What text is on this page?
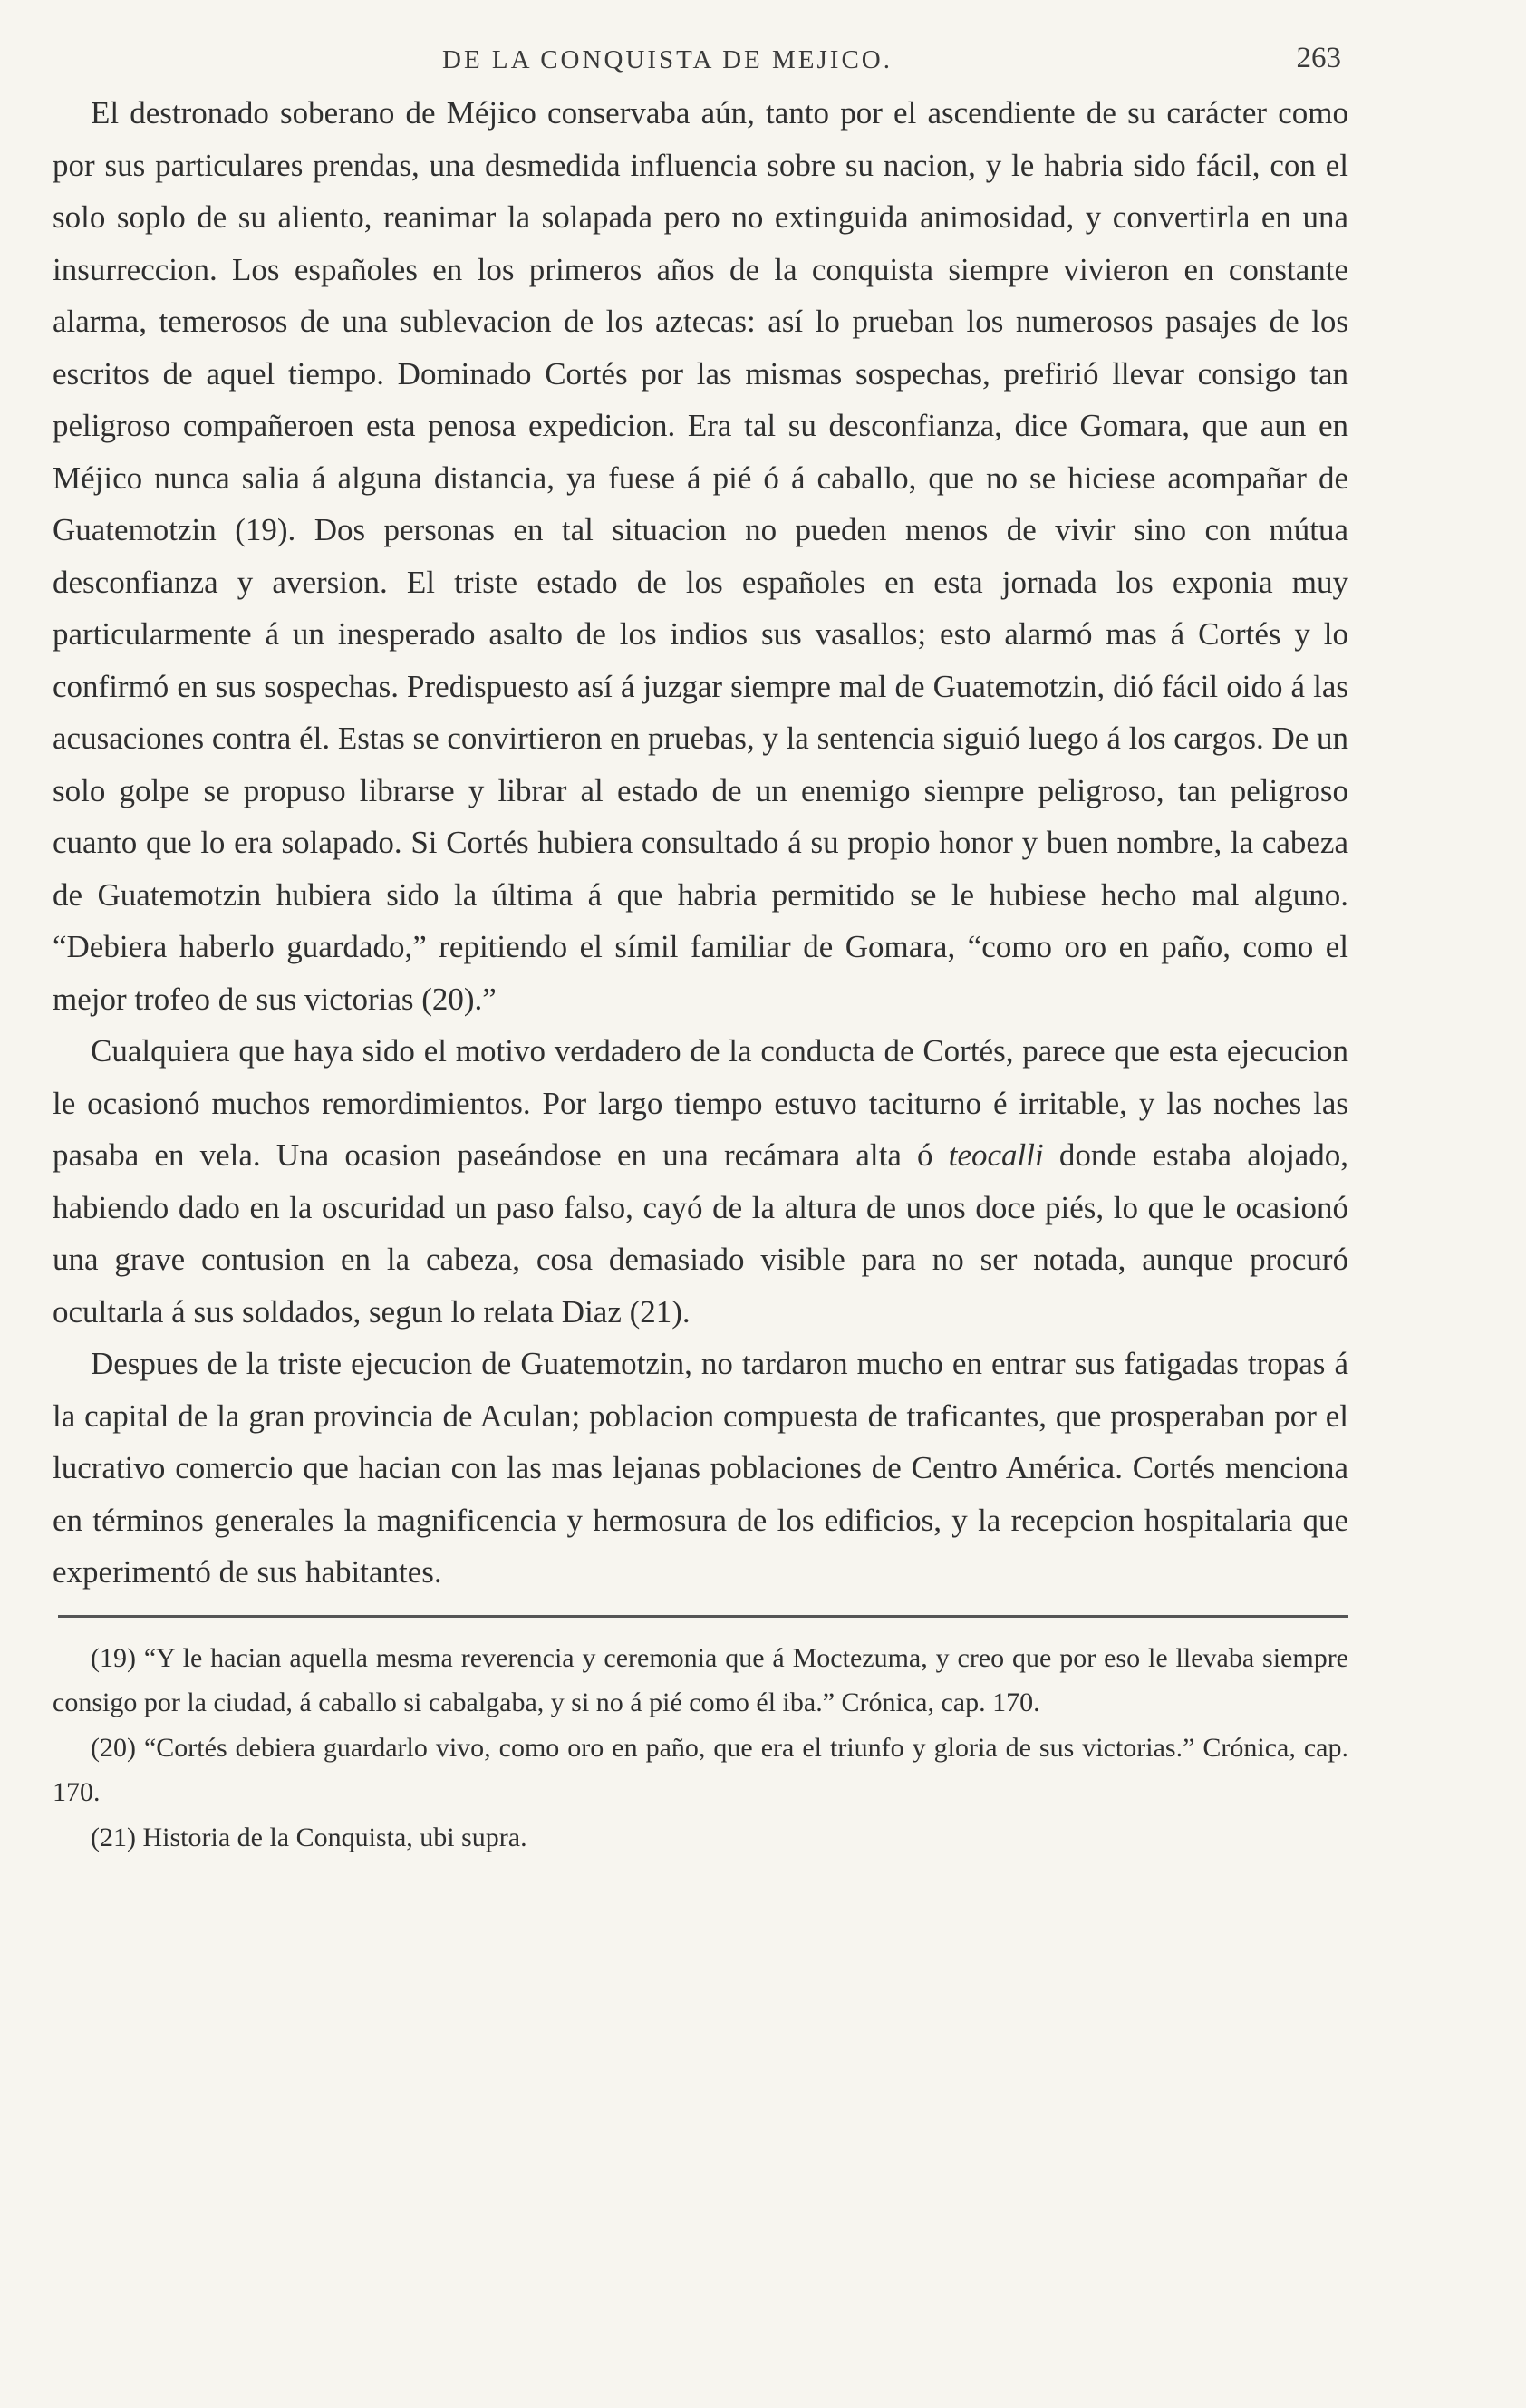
DE LA CONQUISTA DE MEJICO.	263

El destronado soberano de Méjico conservaba aún, tanto por el ascendiente de su carácter como por sus particulares prendas, una desmedida influencia sobre su nacion, y le habria sido fácil, con el solo soplo de su aliento, reanimar la solapada pero no extinguida animosidad, y convertirla en una insurreccion. Los españoles en los primeros años de la conquista siempre vivieron en constante alarma, temerosos de una sublevacion de los aztecas: así lo prueban los numerosos pasajes de los escritos de aquel tiempo. Dominado Cortés por las mismas sospechas, prefirió llevar consigo tan peligroso compañeroen esta penosa expedicion. Era tal su desconfianza, dice Gomara, que aun en Méjico nunca salia á alguna distancia, ya fuese á pié ó á caballo, que no se hiciese acompañar de Guatemotzin (19). Dos personas en tal situacion no pueden menos de vivir sino con mútua desconfianza y aversion. El triste estado de los españoles en esta jornada los exponia muy particularmente á un inesperado asalto de los indios sus vasallos; esto alarmó mas á Cortés y lo confirmó en sus sospechas. Predispuesto así á juzgar siempre mal de Guatemotzin, dió fácil oido á las acusaciones contra él. Estas se convirtieron en pruebas, y la sentencia siguió luego á los cargos. De un solo golpe se propuso librarse y librar al estado de un enemigo siempre peligroso, tan peligroso cuanto que lo era solapado. Si Cortés hubiera consultado á su propio honor y buen nombre, la cabeza de Guatemotzin hubiera sido la última á que habria permitido se le hubiese hecho mal alguno. “Debiera haberlo guardado,” repitiendo el símil familiar de Gomara, “como oro en paño, como el mejor trofeo de sus victorias (20).”

Cualquiera que haya sido el motivo verdadero de la conducta de Cortés, parece que esta ejecucion le ocasionó muchos remordimientos. Por largo tiempo estuvo taciturno é irritable, y las noches las pasaba en vela. Una ocasion paseándose en una recámara alta ó teocalli donde estaba alojado, habiendo dado en la oscuridad un paso falso, cayó de la altura de unos doce piés, lo que le ocasionó una grave contusion en la cabeza, cosa demasiado visible para no ser notada, aunque procuró ocultarla á sus soldados, segun lo relata Diaz (21).

Despues de la triste ejecucion de Guatemotzin, no tardaron mucho en entrar sus fatigadas tropas á la capital de la gran provincia de Aculan; poblacion compuesta de traficantes, que prosperaban por el lucrativo comercio que hacian con las mas lejanas poblaciones de Centro América. Cortés menciona en términos generales la magnificencia y hermosura de los edificios, y la recepcion hospitalaria que experimentó de sus habitantes.

(19) “Y le hacian aquella mesma reverencia y ceremonia que á Moctezuma, y creo que por eso le llevaba siempre consigo por la ciudad, á caballo si cabalgaba, y si no á pié como él iba.” Crónica, cap. 170.

(20) “Cortés debiera guardarlo vivo, como oro en paño, que era el triunfo y gloria de sus victorias.” Crónica, cap. 170.

(21) Historia de la Conquista, ubi supra.
